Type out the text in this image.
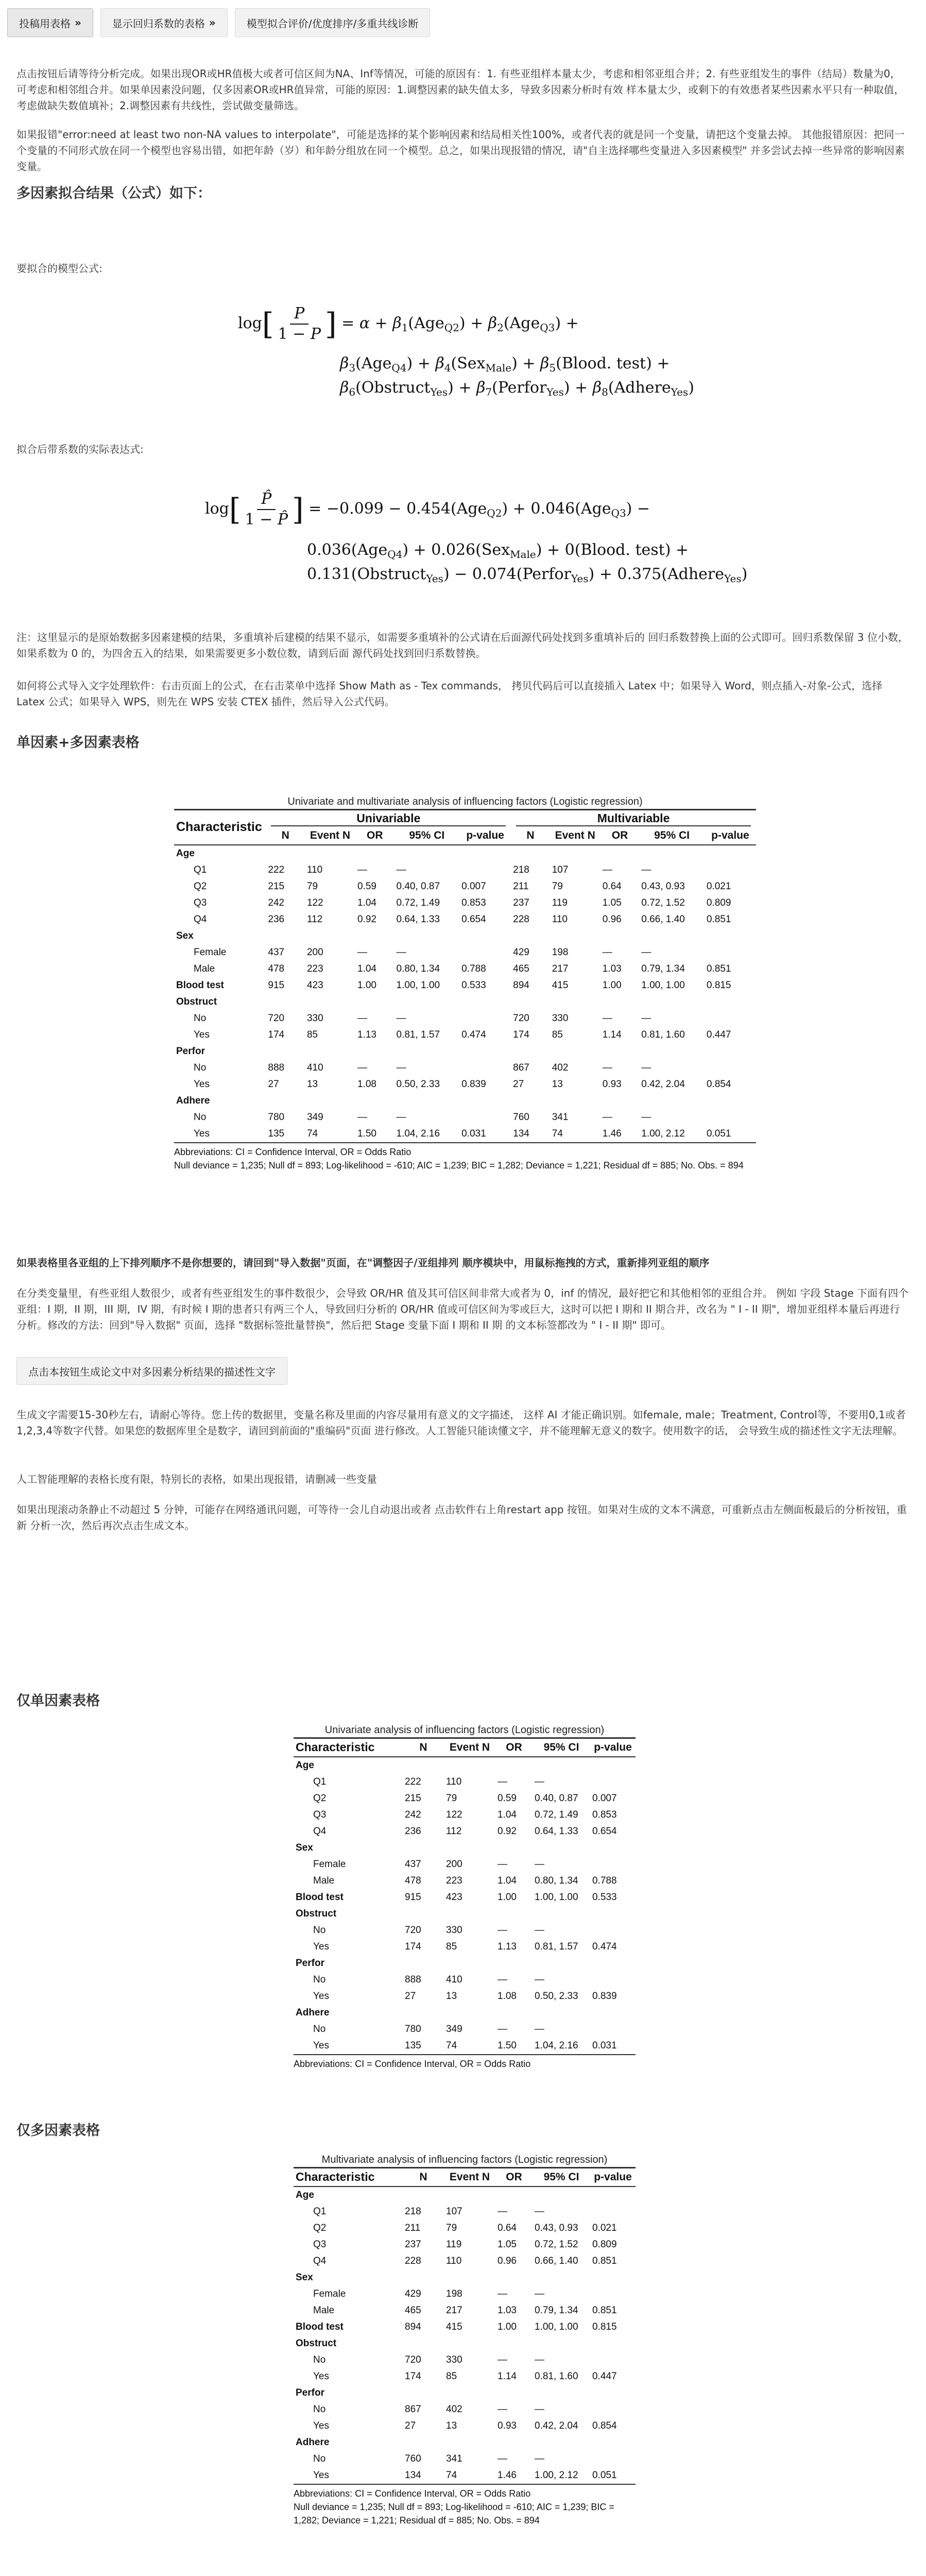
投稿用表格 »	显示回归系数的表格 »	模型拟合评价/优度排序/多重共线诊断
点击按钮后请等待分析完成。如果出现OR或HR值极大或者可信区间为NA、Inf等情况，可能的原因有：1. 有些亚组样本量太少，考虑和相邻亚组合并；2. 有些亚组发生的事件（结局）数量为0，可考虑和相邻组合并。如果单因素没问题，仅多因素OR或HR值异常，可能的原因：1.调整因素的缺失值太多，导致多因素分析时有效 样本量太少，或剩下的有效患者某些因素水平只有一种取值，考虑做缺失数值填补；2.调整因素有共线性，尝试做变量筛选。
如果报错"error:need at least two non-NA values to interpolate"，可能是选择的某个影响因素和结局相关性100%，或者代表的就是同一个变量，请把这个变量去掉。 其他报错原因：把同一个变量的不同形式放在同一个模型也容易出错，如把年龄（岁）和年龄分组放在同一个模型。总之，如果出现报错的情况，请"自主选择哪些变量进入多因素模型" 并多尝试去掉一些异常的影响因素变量。
多因素拟合结果（公式）如下：
要拟合的模型公式:
$\log[ \frac{P}{1 - P}$ ] = $\alpha + \beta_1(Age_{Q2}) + \beta_2(Age_{Q3})$ +
$\beta_3(Age_{Q4}) + \beta_4(Sex_{Male})$ + $\beta_5(Blood$. test) +
$\beta_6(Obstruct_{Yes})$ + $\beta_7(Perfor_{Yes})$ + $\beta_8(Adhere_{Yes})$
拟合后带系数的实际表达式:
$\log[ \frac{P̂}{1 - P̂}$ ] = −0.099 − 0.454(Age$_{Q2}$) + 0.046(Age$_{Q3}$) −
0.036(Age$_{Q4}$) + 0.026(Sex$_{Male}$) + 0(Blood. test) +
0.131(Obstruct$_{Yes}$) − 0.074(Perfor$_{Yes}$) + 0.375(Adhere$_{Yes}$)
注：这里显示的是原始数据多因素建模的结果，多重填补后建模的结果不显示，如需要多重填补的公式请在后面源代码处找到多重填补后的 回归系数替换上面的公式即可。回归系数保留 3 位小数，如果系数为 0 的，为四舍五入的结果，如果需要更多小数位数，请到后面 源代码处找到回归系数替换。
如何将公式导入文字处理软件：右击页面上的公式，在右击菜单中选择 Show Math as - Tex commands， 拷贝代码后可以直接插入 Latex 中；如果导入 Word，则点插入-对象-公式，选择 Latex 公式；如果导入 WPS，则先在 WPS 安装 CTEX 插件，然后导入公式代码。
单因素+多因素表格
Univariate and multivariate analysis of influencing factors (Logistic regression)
Characteristic	Univariable					Multivariable				

	N	Event N	OR	95% CI	p-value	N	Event N	OR	95% CI	p-value
Age										
Q1	222	110	—	—		218	107	—	—	
Q2	215	79	0.59	0.40, 0.87	0.007	211	79	0.64	0.43, 0.93	0.021
Q3	242	122	1.04	0.72, 1.49	0.853	237	119	1.05	0.72, 1.52	0.809
Q4	236	112	0.92	0.64, 1.33	0.654	228	110	0.96	0.66, 1.40	0.851
Sex										
Female	437	200	—	—		429	198	—	—	
Male	478	223	1.04	0.80, 1.34	0.788	465	217	1.03	0.79, 1.34	0.851
Blood test	915	423	1.00	1.00, 1.00	0.533	894	415	1.00	1.00, 1.00	0.815
Obstruct										
No	720	330	—	—		720	330	—	—	
Yes	174	85	1.13	0.81, 1.57	0.474	174	85	1.14	0.81, 1.60	0.447
Perfor										
No	888	410	—	—		867	402	—	—	
Yes	27	13	1.08	0.50, 2.33	0.839	27	13	0.93	0.42, 2.04	0.854
Adhere										
No	780	349	—	—		760	341	—	—	
Yes	135	74	1.50	1.04, 2.16	0.031	134	74	1.46	1.00, 2.12	0.051
Abbreviations: CI = Confidence Interval, OR = Odds Ratio
Null deviance = 1,235; Null df = 893; Log-likelihood = -610; AIC = 1,239; BIC = 1,282; Deviance = 1,221; Residual df = 885; No. Obs. = 894
如果表格里各亚组的上下排列顺序不是你想要的，请回到"导入数据"页面，在"调整因子/亚组排列 顺序模块中，用鼠标拖拽的方式，重新排列亚组的顺序
在分类变量里，有些亚组人数很少，或者有些亚组发生的事件数很少，会导致 OR/HR 值及其可信区间非常大或者为 0，inf 的情况，最好把它和其他相邻的亚组合并。 例如 字段 Stage 下面有四个亚组：I 期，II 期，III 期，IV 期，有时候 I 期的患者只有两三个人，导致回归分析的 OR/HR 值或可信区间为零或巨大，这时可以把 I 期和 II 期合并，改名为 " I - II 期"，增加亚组样本量后再进行分析。修改的方法：回到"导入数据" 页面，选择 "数据标签批量替换"，然后把 Stage 变量下面 I 期和 II 期 的文本标签都改为 " I - II 期" 即可。
点击本按钮生成论文中对多因素分析结果的描述性文字
生成文字需要15-30秒左右，请耐心等待。您上传的数据里，变量名称及里面的内容尽量用有意义的文字描述， 这样 AI 才能正确识别。如female, male；Treatment, Control等，不要用0,1或者 1,2,3,4等数字代替。如果您的数据库里全是数字，请回到前面的"重编码"页面 进行修改。人工智能只能读懂文字，并不能理解无意义的数字。使用数字的话， 会导致生成的描述性文字无法理解。
人工智能理解的表格长度有限，特别长的表格，如果出现报错，请删减一些变量
如果出现滚动条静止不动超过 5 分钟，可能存在网络通讯问题，可等待一会儿自动退出或者 点击软件右上角restart app 按钮。如果对生成的文本不满意，可重新点击左侧面板最后的分析按钮，重新 分析一次，然后再次点击生成文本。
仅单因素表格
Univariate analysis of influencing factors (Logistic regression)
Characteristic	N	Event N	OR	95% CI	p-value
Age					
Q1	222	110	—	—	
Q2	215	79	0.59	0.40, 0.87	0.007
Q3	242	122	1.04	0.72, 1.49	0.853
Q4	236	112	0.92	0.64, 1.33	0.654
Sex					
Female	437	200	—	—	
Male	478	223	1.04	0.80, 1.34	0.788
Blood test	915	423	1.00	1.00, 1.00	0.533
Obstruct					
No	720	330	—	—	
Yes	174	85	1.13	0.81, 1.57	0.474
Perfor					
No	888	410	—	—	
Yes	27	13	1.08	0.50, 2.33	0.839
Adhere					
No	780	349	—	—	
Yes	135	74	1.50	1.04, 2.16	0.031
Abbreviations: CI = Confidence Interval, OR = Odds Ratio
仅多因素表格
Multivariate analysis of influencing factors (Logistic regression)
Characteristic	N	Event N	OR	95% CI	p-value
Age					
Q1	218	107	—	—	
Q2	211	79	0.64	0.43, 0.93	0.021
Q3	237	119	1.05	0.72, 1.52	0.809
Q4	228	110	0.96	0.66, 1.40	0.851
Sex					
Female	429	198	—	—	
Male	465	217	1.03	0.79, 1.34	0.851
Blood test	894	415	1.00	1.00, 1.00	0.815
Obstruct					
No	720	330	—	—	
Yes	174	85	1.14	0.81, 1.60	0.447
Perfor					
No	867	402	—	—	
Yes	27	13	0.93	0.42, 2.04	0.854
Adhere					
No	760	341	—	—	
Yes	134	74	1.46	1.00, 2.12	0.051
Abbreviations: CI = Confidence Interval, OR = Odds Ratio
Null deviance = 1,235; Null df = 893; Log-likelihood = -610; AIC = 1,239; BIC = 1,282; Deviance = 1,221; Residual df = 885; No. Obs. = 894
